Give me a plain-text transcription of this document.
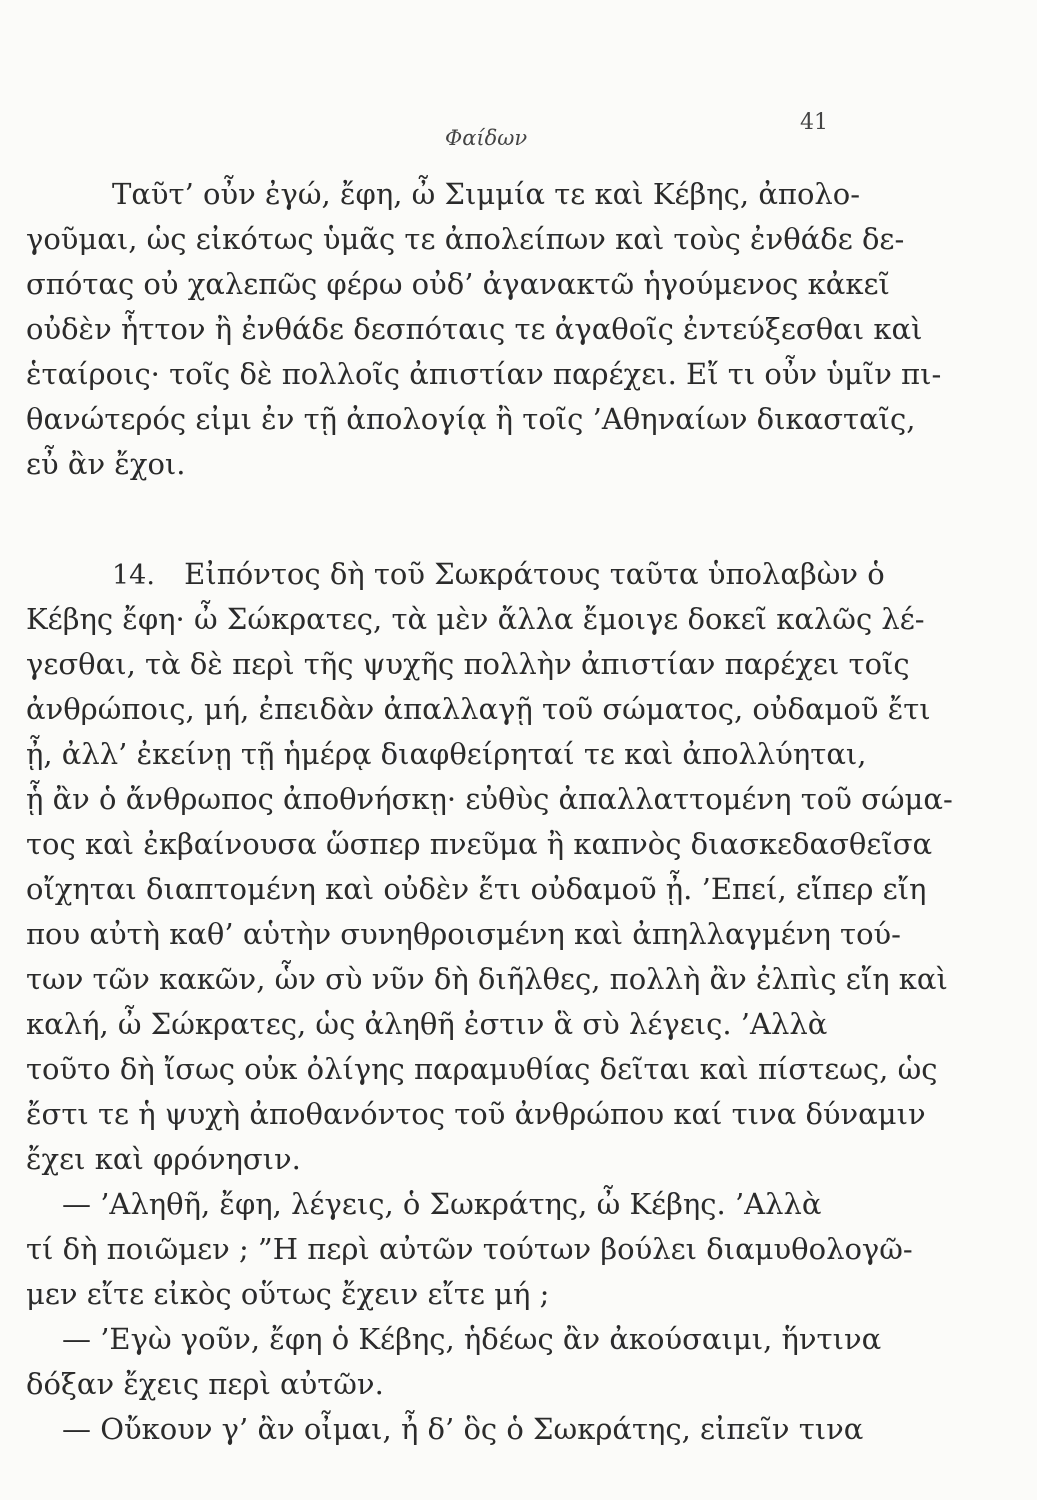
Φαίδων
41
Ταῦτ’ οὖν ἐγώ, ἔφη, ὦ Σιμμία τε καὶ Κέβης, ἀπολο-
γοῦμαι, ὡς εἰκότως ὑμᾶς τε ἀπολείπων καὶ τοὺς ἐνθάδε δε-
σπότας οὐ χαλεπῶς φέρω οὐδ’ ἀγανακτῶ ἡγούμενος κἀκεῖ
οὐδὲν ἧττον ἢ ἐνθάδε δεσπόταις τε ἀγαθοῖς ἐντεύξεσθαι καὶ
ἑταίροις· τοῖς δὲ πολλοῖς ἀπιστίαν παρέχει. Εἴ τι οὖν ὑμῖν πι-
θανώτερός εἰμι ἐν τῇ ἀπολογίᾳ ἢ τοῖς ’Αθηναίων δικασταῖς,
εὖ ἂν ἔχοι.
14. Εἰπόντος δὴ τοῦ Σωκράτους ταῦτα ὑπολαβὼν ὁ
Κέβης ἔφη· ὦ Σώκρατες, τὰ μὲν ἄλλα ἔμοιγε δοκεῖ καλῶς λέ-
γεσθαι, τὰ δὲ περὶ τῆς ψυχῆς πολλὴν ἀπιστίαν παρέχει τοῖς
ἀνθρώποις, μή, ἐπειδὰν ἀπαλλαγῇ τοῦ σώματος, οὐδαμοῦ ἔτι
ᾖ, ἀλλ’ ἐκείνῃ τῇ ἡμέρᾳ διαφθείρηταί τε καὶ ἀπολλύηται,
ᾗ ἂν ὁ ἄνθρωπος ἀποθνήσκῃ· εὐθὺς ἀπαλλαττομένη τοῦ σώμα-
τος καὶ ἐκβαίνουσα ὥσπερ πνεῦμα ἢ καπνὸς διασκεδασθεῖσα
οἴχηται διαπτομένη καὶ οὐδὲν ἔτι οὐδαμοῦ ᾖ. ’Επεί, εἴπερ εἴη
που αὐτὴ καθ’ αὑτὴν συνηθροισμένη καὶ ἀπηλλαγμένη τού-
των τῶν κακῶν, ὧν σὺ νῦν δὴ διῆλθες, πολλὴ ἂν ἐλπὶς εἴη καὶ
καλή, ὦ Σώκρατες, ὡς ἀληθῆ ἐστιν ἃ σὺ λέγεις. ’Αλλὰ
τοῦτο δὴ ἴσως οὐκ ὀλίγης παραμυθίας δεῖται καὶ πίστεως, ὡς
ἔστι τε ἡ ψυχὴ ἀποθανόντος τοῦ ἀνθρώπου καί τινα δύναμιν
ἔχει καὶ φρόνησιν.
— ’Αληθῆ, ἔφη, λέγεις, ὁ Σωκράτης, ὦ Κέβης. ’Αλλὰ
τί δὴ ποιῶμεν ; ”Η περὶ αὐτῶν τούτων βούλει διαμυθολογῶ-
μεν εἴτε εἰκὸς οὕτως ἔχειν εἴτε μή ;
— ’Εγὼ γοῦν, ἔφη ὁ Κέβης, ἡδέως ἂν ἀκούσαιμι, ἥντινα
δόξαν ἔχεις περὶ αὐτῶν.
— Οὔκουν γ’ ἂν οἶμαι, ἦ δ’ ὃς ὁ Σωκράτης, εἰπεῖν τινα
